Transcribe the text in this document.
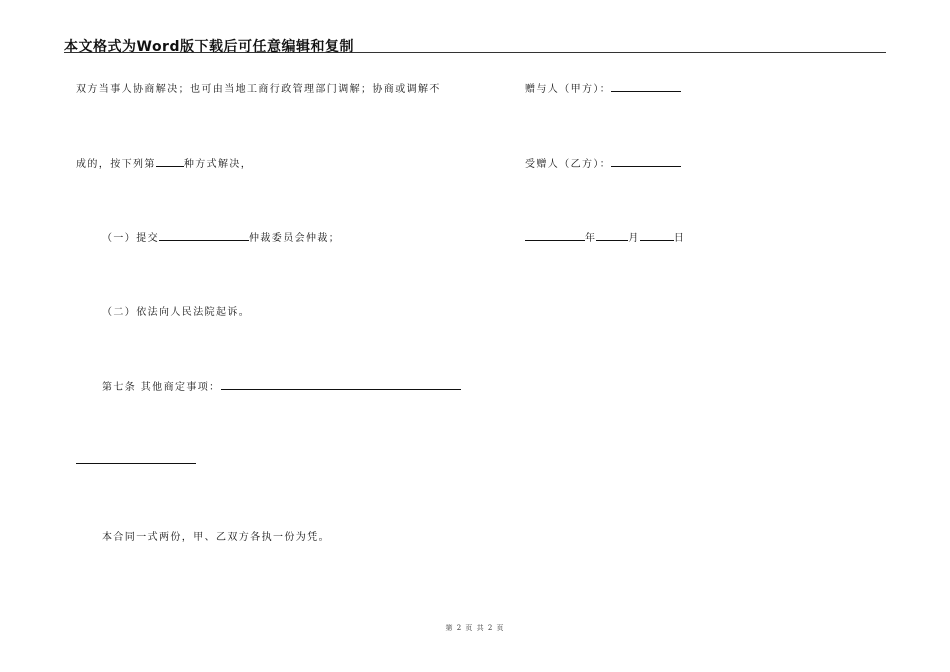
本文格式为Word版下载后可任意编辑和复制
双方当事人协商解决；也可由当地工商行政管理部门调解；协商或调解不
成的，按下列第	种方式解决，
（一）提交	仲裁委员会仲裁；
（二）依法向人民法院起诉。
第七条 其他商定事项：
本合同一式两份，甲、乙双方各执一份为凭。
赠与人（甲方）：
受赠人（乙方）：
年	月	日
第 2 页 共 2 页
